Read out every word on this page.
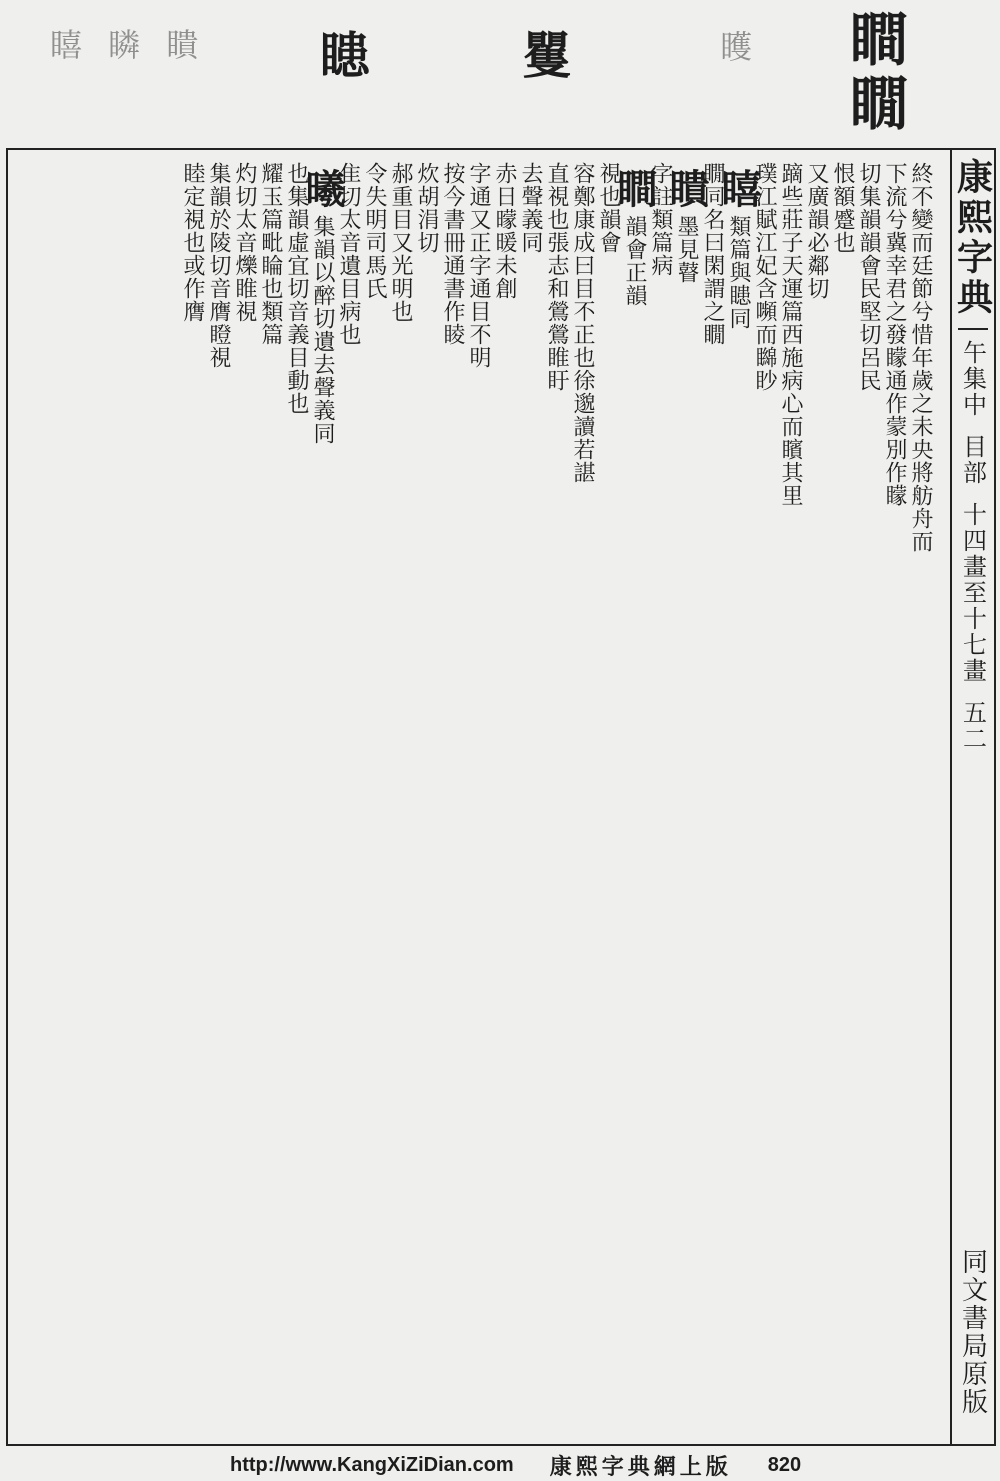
瞦 瞵 瞶 瞣	矍	矆 瞷
瞯
康熙字典
午集中
目部
十四畫至十七畫
五二
同文書局原版
終不變而廷節兮惜年歲之未央將舫舟而
下流兮冀幸君之發矇通作蒙別作矇
切集韻韻會民堅切呂民
恨額蹙也
又廣韻必鄰切
蹢些莊子天運篇西施病心而矉其里
璞江賦江妃含嚬而矊眇
瞦類篇與瞣同
瞯同名曰閑謂之瞯
瞶墨見瞽
字註類篇病
瞷韻會正韻
視也韻會
容鄭康成曰目不正也徐邈讀若諶
直視也張志和鶯鶯睢盱
去聲義同
赤日曚暖未創
字通又正字通目不明
按今書冊通書作睖
炊胡涓切
郝重目又光明也
令失明司馬氏
隹切太音遺目病也
曦集韻以醉切遺去聲義同
也集韻虛宜切音義目動也
耀玉篇毗睔也類篇
灼切太音爍睢視
集韻於陵切音膺瞪視
睦定視也或作膺
http://www.KangXiZiDian.com 康熙字典網上版 820
